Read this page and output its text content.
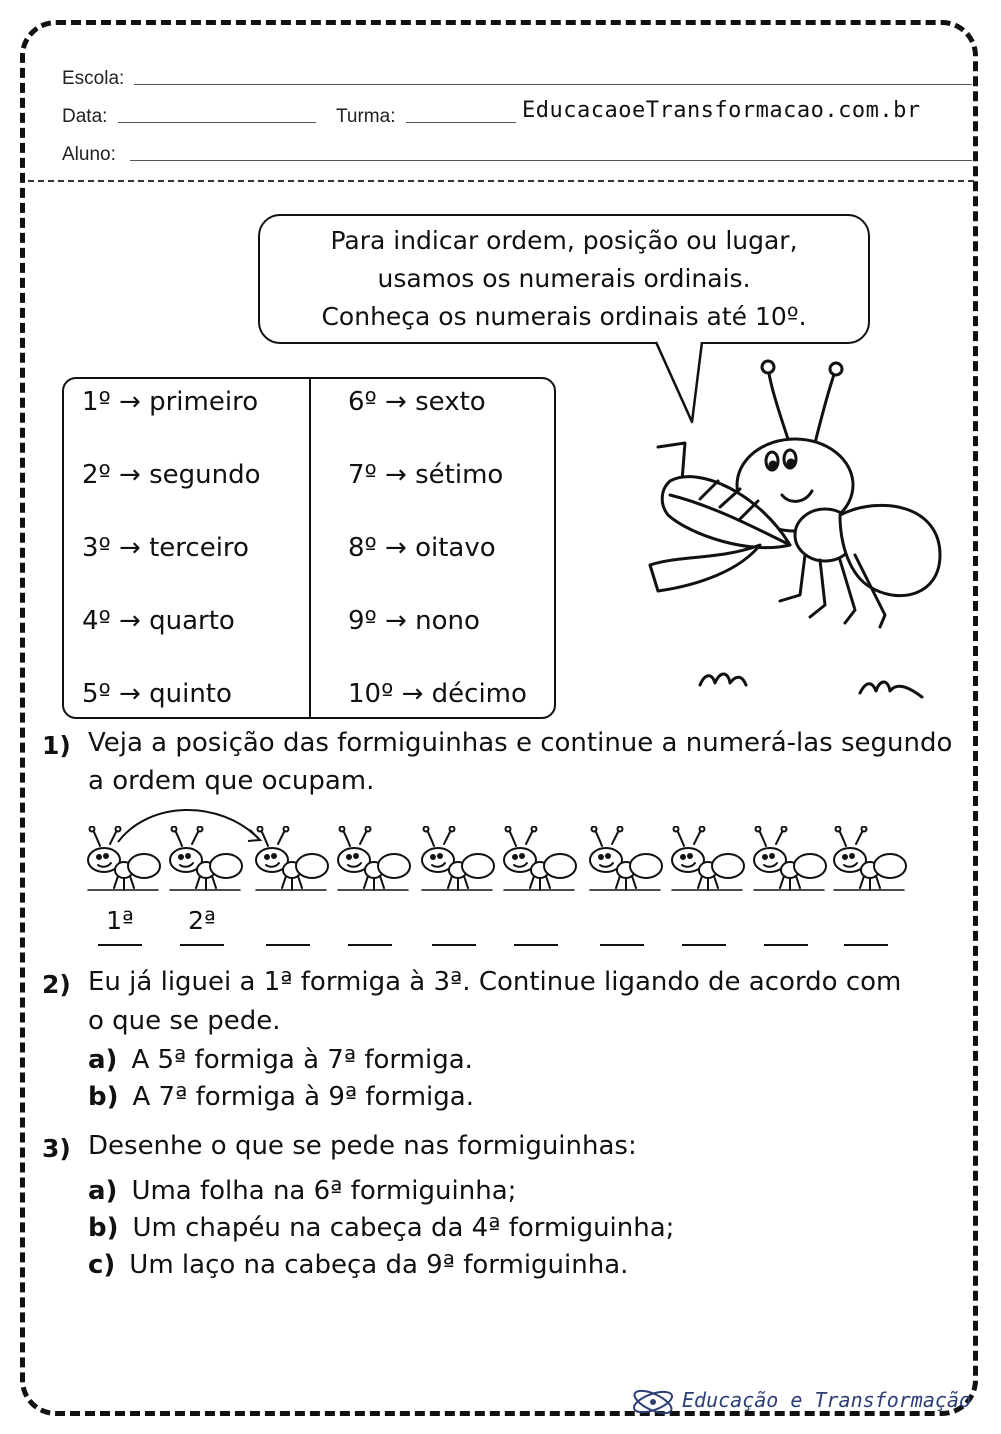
Escola:
Data:	Turma:	EducacaoeTransformacao.com.br
Aluno:
Para indicar ordem, posição ou lugar,
usamos os numerais ordinais.
Conheça os numerais ordinais até 10º.
1º → primeiro
2º → segundo
3º → terceiro
4º → quarto
5º → quinto
6º → sexto
7º → sétimo
8º → oitavo
9º → nono
10º → décimo
1) Veja a posição das formiguinhas e continue a numerá-las segundo
a ordem que ocupam.
1ª	2ª
2) Eu já liguei a 1ª formiga à 3ª. Continue ligando de acordo com
o que se pede.
a) A 5ª formiga à 7ª formiga.
b) A 7ª formiga à 9ª formiga.
3) Desenhe o que se pede nas formiguinhas:
a) Uma folha na 6ª formiguinha;
b) Um chapéu na cabeça da 4ª formiguinha;
c) Um laço na cabeça da 9ª formiguinha.
Educação e Transformação
